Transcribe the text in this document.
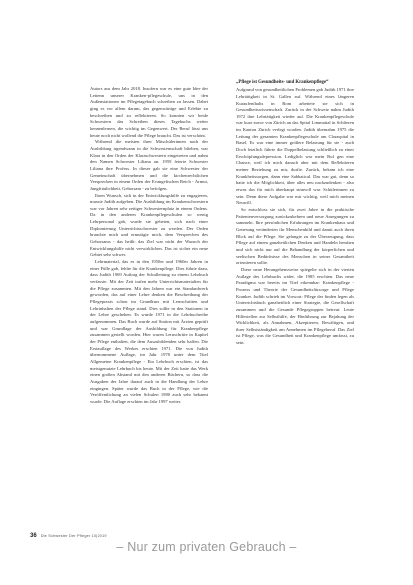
Autors aus dem Jahr 2018. Insofern war es eine gute Idee der Leitenn unserer Kranken-pflegeschule, uns in den Außenstationen im Pflegetagebuch schreiben zu lassen. Dabei ging es vor allem darum, das gegenwärtige und Erlebte zu beschreiben und zu reflektieren. So konnten wir beide Schwestern das Schreiben dieses Tagebuchs weiter kennenlernen, die wichtig im Gegenwert. Der Beruf lässt uns heute noch nicht wollend die Pflege braucht. Das ist verschönt.

Während die meisten ihrer Mitschülerinnen nach der Ausbildung irgendwann in die Schwesternschaft blieben, war Klara in den Orden der Klaraschwestern eingetreten und nahm den Namen Schwester Liliana an. 1959 feierte Schwester Liliana ihre Profess. In dieser gab sie eine Schwester der Gemeinschaft übernehmen und die kirchenrechtlichen Versprechen in einem Orden der Evangelischen Reich - Armut, Jungfräulichkeit, Gehorsam - zu befolgen.

Ihren Wunsch, sich in der Entwicklungshilfe zu engagieren, musste Judith aufgeben. Die Ausbildung im Krankenschwestern war vor Jahren sehr zeitiger Schwesternplatz in einem Ordens. Da in den anderen Krankenpflegeschulen so wenig Lehrpersonal gab, wurde sie gebeten, sich nach einer Diplomierung Unterrichtsschwester zu werden. Der Orden brauchte mich und ermutigte mich, dem Versprechen des Gehorsams - das heißt: das Ziel war nicht der Wunsch der Entwicklungshilfe nicht verwirklichen. Das ist sicher ein neue Gebiet sehr schwer.

Lehrmaterial, das es in den 1950er und 1960er Jahren in einer Fülle gab, fehlte für die Krankenpflege. Dies führte dazu, dass Judith 1969 Auftrag der Schulleitung zu einem Lehrbuch verfasste. Mit der Zeit trafen mehr Unterrichtsmaterialien für die Pflege zusammen. Mit den Jahren war ein Standardwerk geworden, das auf einer Lehre denken die Beschreibung der Pflegepraxis schon im Grundkurs mit Lernschritten und Lehrinhalten der Pflege stand. Dies sollte in den Stationen in der Lehre geschehen. Es wurde 1971 in die Lehrbuchreihe aufgenommen. Das Buch wurde auf Station mit Ärzten geprüft und war Grundlage der Ausbildung für Krankenpflege zusammen gestellt worden. Hier waren Lernschritte in Kapitel der Pflege enthalten, die dem Auszubildenden sehr halfen. Die Erstauflage des Werkes erschien 1971. Die von Judith übernommene Auflage, im Jahr 1978 unter dem Titel Allgemeine Krankenpflege - Ein Lehrbuch erschien, ist das meistgenutzte Lehrbuch bis heute. Mit der Zeit hatte das Werk einen großen Abstand mit den anderen Büchern, so dass die Ausgaben der Jahre darauf auch in die Handlung der Lehre eingingen. Später wurde das Buch in der Pflege, wie die Veröffentlichung an vielen Schulen 1980 auch sehr bekannt wurde. Die Auflage erschien im Jahr 1997 weiter.

„Pflege ist Gesundheits- und Krankenpflege“

Aufgrund von gesundheitlichen Problemen gab Judith 1971 ihre Lehrtätigkeit in St. Gallen auf. Während eines längeren Kuraufenthalts in Rom arbeitete sie sich in Gesundheitswissenschaft. Zurück in der Schweiz nahm Judith 1972 ihre Lehrtätigkeit wieder auf. Die Krankenpflegeschule war kurz zuvor von Zürich an das Spital Limmattal in Schlieren im Kanton Zürich verlegt worden. Judith übernahm 1975 die Leitung der gesamten Krankenpflegeschule am Claraspital in Basel. Es war eine immer größere Belastung für sie - auch Doch letztlich führte die Doppelbelastung schließlich zu einer Erschöpfungsdepression. Lediglich war mein Ruf gen eine Chance, weil ich mich danach aber mit dem Reflektieren meiner Beziehung zu mir, durfte. Zurück, bekam ich eine Krankheitssorgen, dann eine Sabbatical. Das war gut, denn so hatte ich die Möglichkeit, über alles neu nachzudenken - also etwas das für mich überhaupt sinnvoll war. Schülerinnen zu sein. Denn diese Aufgabe war mir wichtig, weil mich meinen Neuwill.

So entschloss sie sich, für zwei Jahre in die praktische Patientenversorgung zurückzukehren und neue Anregungen zu sammeln. Ihre persönlichen Erfahrungen im Krankenhaus und Genesung veränderten ihr Menschenbild und damit auch ihren Blick auf die Pflege. Sie gelangte zu der Überzeugung, dass Pflege auf einem ganzheitlichen Denken und Handeln beruhen und sich nicht nur auf die Behandlung der körperlichen und seelischen Bedürfnisse des Menschen in seiner Gesamtheit orientieren sollte.

Diese neue Herangehensweise spiegelte sich in der vierten Auflage des Lehrbuchs wider, die 1985 erschien. Das neue Paradigma war bereits im Titel erkennbar: Krankenpflege - Prozess und Theorie der Gesundheitsfürsorge und Pflege Kranker. Judith schrieb im Vorwort: Pflege der finden legen als Unterrichtsbuch ganzheitlich einer Strategie, die Gesellschaft zusammen und die Gesunde Pflegegruppen betreut. Leute Hilfestellen zur Selbsthilfe, der Hinführung zur Bejahung der Wirklichkeit, als Annahmen, Akzeptieren, Bewältigen, und ihrer Selbstständigkeit am Annehmen im Pflegeberuf. Das Ziel ist Pflege, was die Gesundheit und Krankenpflege umfasst, zu sein.

36 Die Schwester Der Pfleger 10|2019
– Nur zum privaten Gebrauch –
